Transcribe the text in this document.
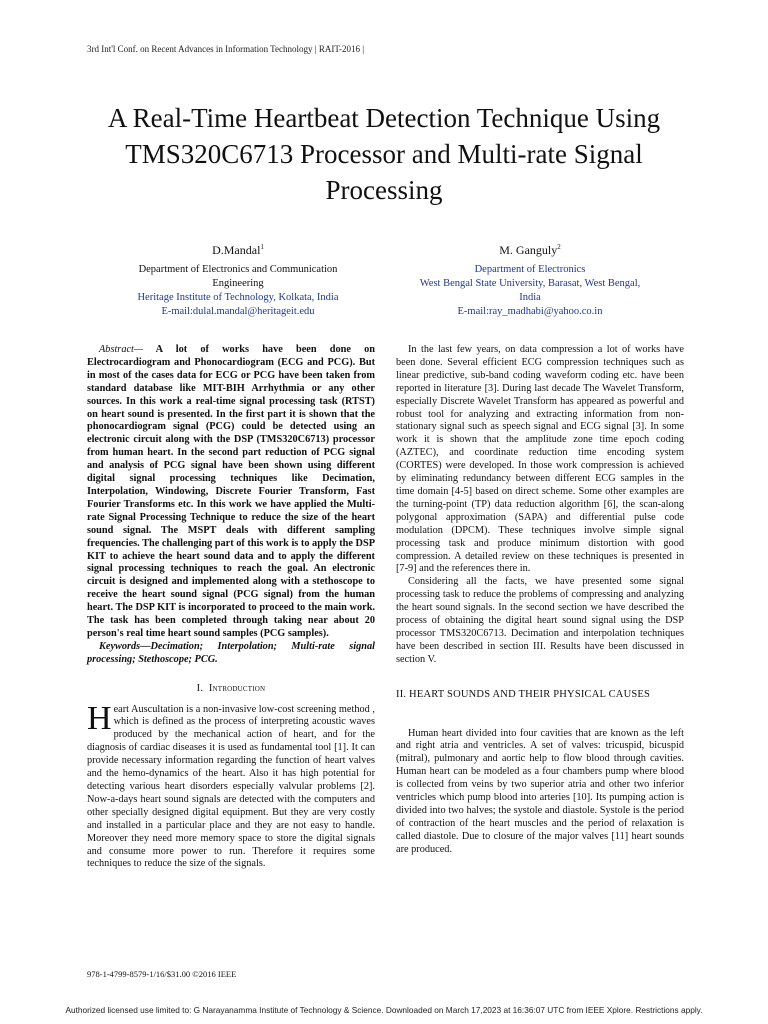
3rd Int'l Conf. on Recent Advances in Information Technology | RAIT-2016 |
A Real-Time Heartbeat Detection Technique Using
TMS320C6713 Processor and Multi-rate Signal
Processing
D.Mandal$^1$
Department of Electronics and Communication
Engineering
Heritage Institute of Technology, Kolkata, India
E-mail:dulal.mandal@heritageit.edu
M. Ganguly$^2$
Department of Electronics
West Bengal State University, Barasat, West Bengal,
India
E-mail:ray_madhabi@yahoo.co.in

Abstract— A lot of works have been done on Electrocardiogram and Phonocardiogram (ECG and PCG). But in most of the cases data for ECG or PCG have been taken from standard database like MIT-BIH Arrhythmia or any other sources. In this work a real-time signal processing task (RTST) on heart sound is presented. In the first part it is shown that the phonocardiogram signal (PCG) could be detected using an electronic circuit along with the DSP (TMS320C6713) processor from human heart. In the second part reduction of PCG signal and analysis of PCG signal have been shown using different digital signal processing techniques like Decimation, Interpolation, Windowing, Discrete Fourier Transform, Fast Fourier Transforms etc. In this work we have applied the Multi-rate Signal Processing Technique to reduce the size of the heart sound signal. The MSPT deals with different sampling frequencies. The challenging part of this work is to apply the DSP KIT to achieve the heart sound data and to apply the different signal processing techniques to reach the goal. An electronic circuit is designed and implemented along with a stethoscope to receive the heart sound signal (PCG signal) from the human heart. The DSP KIT is incorporated to proceed to the main work. The task has been completed through taking near about 20 person's real time heart sound samples (PCG samples).

Keywords—Decimation; Interpolation; Multi-rate signal processing; Stethoscope; PCG.

I. Introduction

Heart Auscultation is a non-invasive low-cost screening method , which is defined as the process of interpreting acoustic waves produced by the mechanical action of heart, and for the diagnosis of cardiac diseases it is used as fundamental tool [1]. It can provide necessary information regarding the function of heart valves and the hemo-dynamics of the heart. Also it has high potential for detecting various heart disorders especially valvular problems [2]. Now-a-days heart sound signals are detected with the computers and other specially designed digital equipment. But they are very costly and installed in a particular place and they are not easy to handle. Moreover they need more memory space to store the digital signals and consume more power to run. Therefore it requires some techniques to reduce the size of the signals.

In the last few years, on data compression a lot of works have been done. Several efficient ECG compression techniques such as linear predictive, sub-band coding waveform coding etc. have been reported in literature [3]. During last decade The Wavelet Transform, especially Discrete Wavelet Transform has appeared as powerful and robust tool for analyzing and extracting information from non-stationary signal such as speech signal and ECG signal [3]. In some work it is shown that the amplitude zone time epoch coding (AZTEC), and coordinate reduction time encoding system (CORTES) were developed. In those work compression is achieved by eliminating redundancy between different ECG samples in the time domain [4-5] based on direct scheme. Some other examples are the turning-point (TP) data reduction algorithm [6], the scan-along polygonal approximation (SAPA) and differential pulse code modulation (DPCM). These techniques involve simple signal processing task and produce minimum distortion with good compression. A detailed review on these techniques is presented in [7-9] and the references there in.

Considering all the facts, we have presented some signal processing task to reduce the problems of compressing and analyzing the heart sound signals. In the second section we have described the process of obtaining the digital heart sound signal using the DSP processor TMS320C6713. Decimation and interpolation techniques have been described in section III. Results have been discussed in section V.

II. HEART SOUNDS AND THEIR PHYSICAL CAUSES

Human heart divided into four cavities that are known as the left and right atria and ventricles. A set of valves: tricuspid, bicuspid (mitral), pulmonary and aortic help to flow blood through cavities. Human heart can be modeled as a four chambers pump where blood is collected from veins by two superior atria and other two inferior ventricles which pump blood into arteries [10]. Its pumping action is divided into two halves; the systole and diastole. Systole is the period of contraction of the heart muscles and the period of relaxation is called diastole. Due to closure of the major valves [11] heart sounds are produced.

978-1-4799-8579-1/16/$31.00 ©2016 IEEE
Authorized licensed use limited to: G Narayanamma Institute of Technology & Science. Downloaded on March 17,2023 at 16:36:07 UTC from IEEE Xplore. Restrictions apply.
